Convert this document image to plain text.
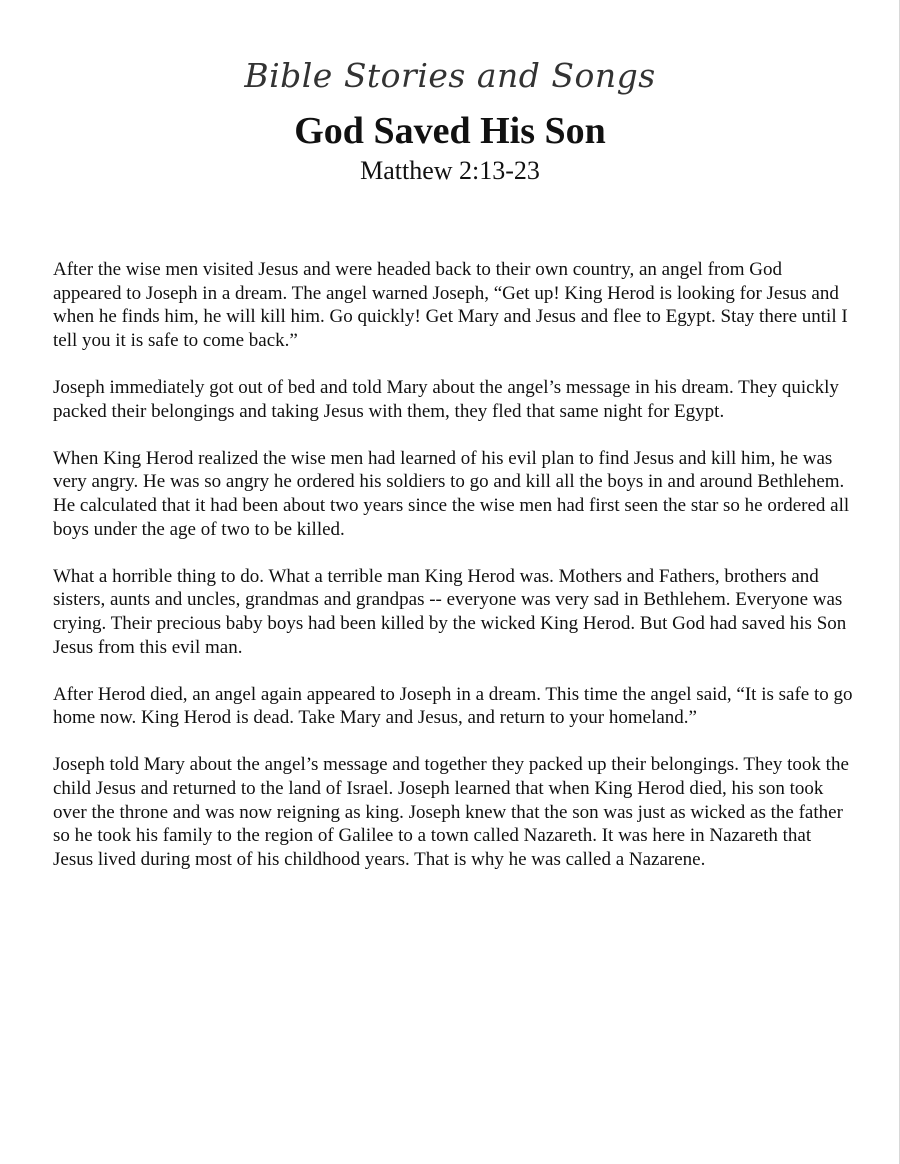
Bible Stories and Songs
God Saved His Son
Matthew 2:13-23

After the wise men visited Jesus and were headed back to their own country, an angel from God appeared to Joseph in a dream. The angel warned Joseph, “Get up! King Herod is looking for Jesus and when he finds him, he will kill him. Go quickly! Get Mary and Jesus and flee to Egypt. Stay there until I tell you it is safe to come back.”

Joseph immediately got out of bed and told Mary about the angel’s message in his dream. They quickly packed their belongings and taking Jesus with them, they fled that same night for Egypt.

When King Herod realized the wise men had learned of his evil plan to find Jesus and kill him, he was very angry. He was so angry he ordered his soldiers to go and kill all the boys in and around Bethlehem. He calculated that it had been about two years since the wise men had first seen the star so he ordered all boys under the age of two to be killed.

What a horrible thing to do. What a terrible man King Herod was. Mothers and Fathers, brothers and sisters, aunts and uncles, grandmas and grandpas -- everyone was very sad in Bethlehem. Everyone was crying. Their precious baby boys had been killed by the wicked King Herod. But God had saved his Son Jesus from this evil man.

After Herod died, an angel again appeared to Joseph in a dream. This time the angel said, “It is safe to go home now. King Herod is dead. Take Mary and Jesus, and return to your homeland.”

Joseph told Mary about the angel’s message and together they packed up their belongings. They took the child Jesus and returned to the land of Israel. Joseph learned that when King Herod died, his son took over the throne and was now reigning as king. Joseph knew that the son was just as wicked as the father so he took his family to the region of Galilee to a town called Nazareth. It was here in Nazareth that Jesus lived during most of his childhood years. That is why he was called a Nazarene.
